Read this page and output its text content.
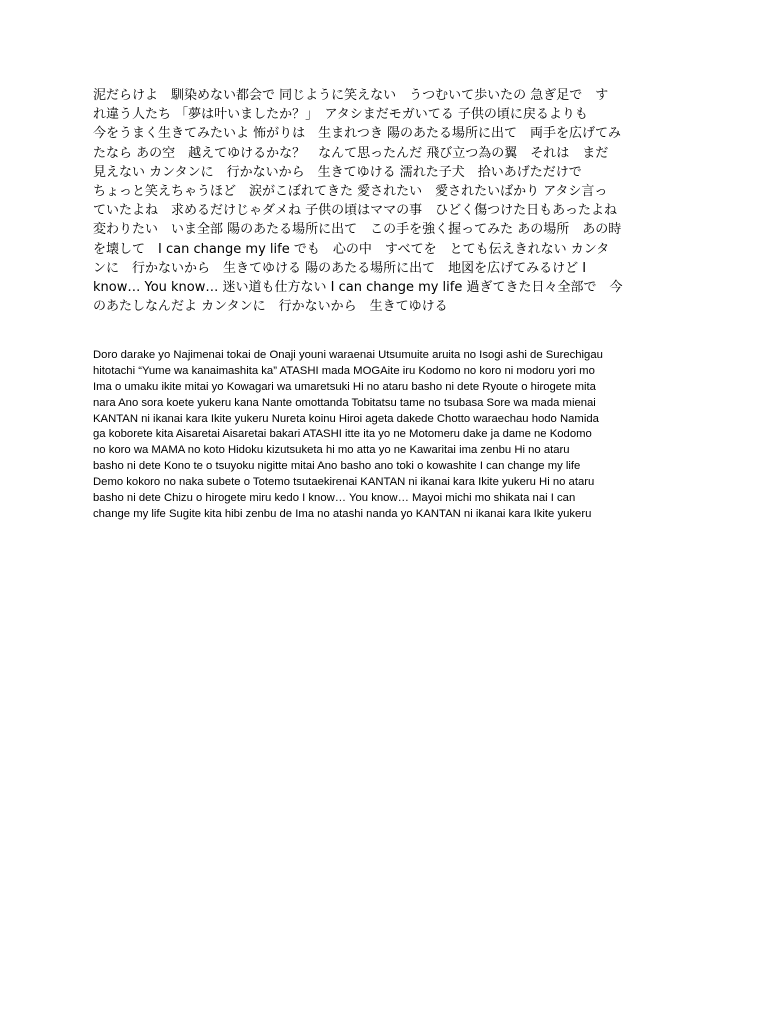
泥だらけよ　馴染めない都会で 同じように笑えない　うつむいて歩いたの 急ぎ足で　す

れ違う人たち 「夢は叶いましたか？」　アタシまだモガいてる 子供の頃に戻るよりも

今をうまく生きてみたいよ 怖がりは　生まれつき 陽のあたる場所に出て　両手を広げてみ

たなら あの空　越えてゆけるかな？　なんて思ったんだ 飛び立つ為の翼　それは　まだ

見えない カンタンに　行かないから　生きてゆける 濡れた子犬　拾いあげただけで

ちょっと笑えちゃうほど　涙がこぼれてきた 愛されたい　愛されたいばかり アタシ言っ

ていたよね　求めるだけじゃダメね 子供の頃はママの事　ひどく傷つけた日もあったよね

変わりたい　いま全部 陽のあたる場所に出て　この手を強く握ってみた あの場所　あの時

を壊して　I can change my life でも　心の中　すべてを　とても伝えきれない カンタ

ンに　行かないから　生きてゆける 陽のあたる場所に出て　地図を広げてみるけど I

know… You know… 迷い道も仕方ない I can change my life 過ぎてきた日々全部で　今

のあたしなんだよ カンタンに　行かないから　生きてゆける

Doro darake yo Najimenai tokai de Onaji youni waraenai Utsumuite aruita no Isogi ashi de Surechigau

hitotachi “Yume wa kanaimashita ka” ATASHI mada MOGAite iru Kodomo no koro ni modoru yori mo

Ima o umaku ikite mitai yo Kowagari wa umaretsuki Hi no ataru basho ni dete Ryoute o hirogete mita

nara Ano sora koete yukeru kana Nante omottanda Tobitatsu tame no tsubasa Sore wa mada mienai

KANTAN ni ikanai kara Ikite yukeru Nureta koinu Hiroi ageta dakede Chotto waraechau hodo Namida

ga koborete kita Aisaretai Aisaretai bakari ATASHI itte ita yo ne Motomeru dake ja dame ne Kodomo

no koro wa MAMA no koto Hidoku kizutsuketa hi mo atta yo ne Kawaritai ima zenbu Hi no ataru

basho ni dete Kono te o tsuyoku nigitte mitai Ano basho ano toki o kowashite I can change my life

Demo kokoro no naka subete o Totemo tsutaekirenai KANTAN ni ikanai kara Ikite yukeru Hi no ataru

basho ni dete Chizu o hirogete miru kedo I know… You know… Mayoi michi mo shikata nai I can

change my life Sugite kita hibi zenbu de Ima no atashi nanda yo KANTAN ni ikanai kara Ikite yukeru
